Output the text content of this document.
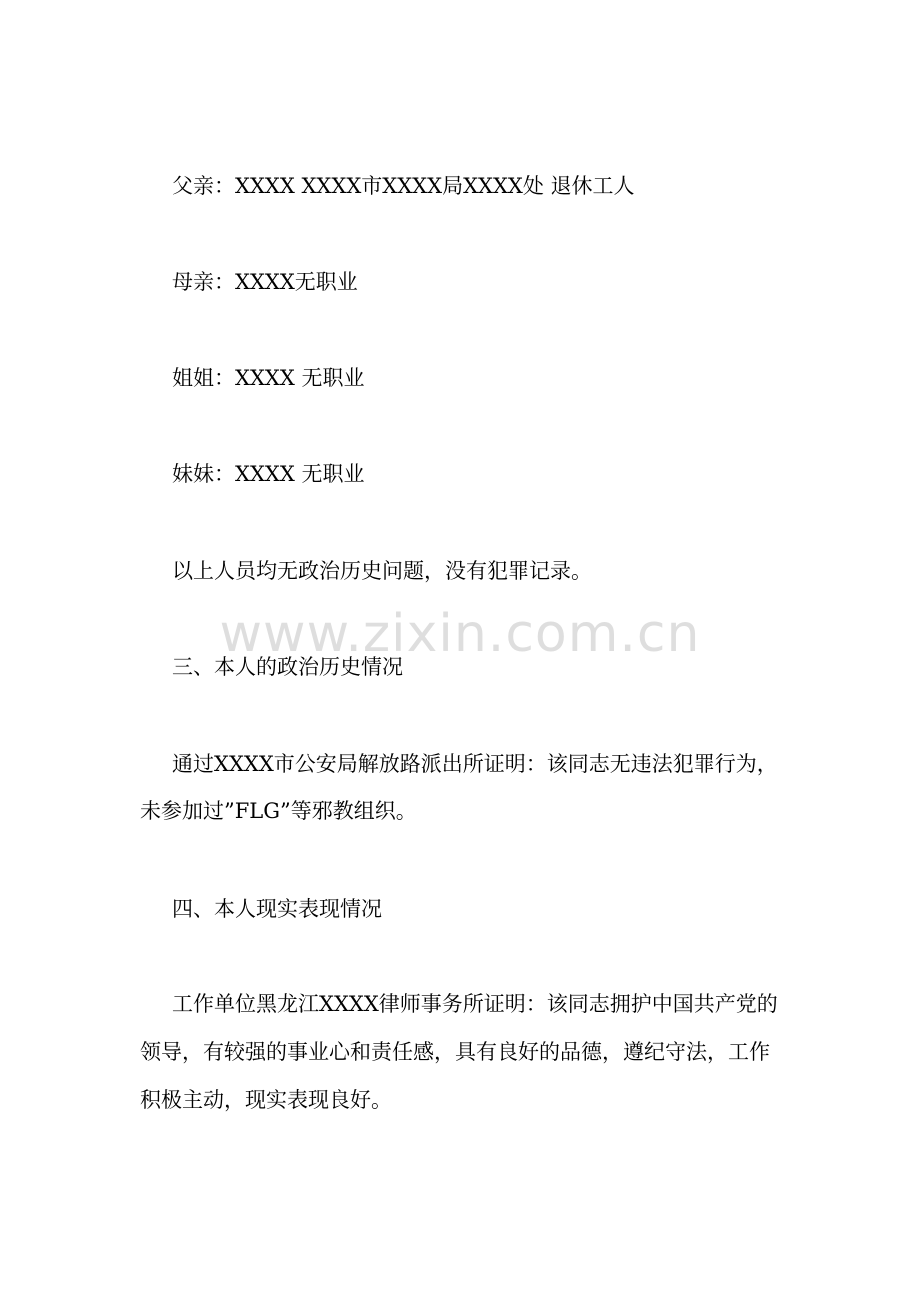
父亲：XXXX XXXX市XXXX局XXXX处 退休工人

母亲：XXXX无职业

姐姐：XXXX 无职业

妹妹：XXXX 无职业

以上人员均无政治历史问题，没有犯罪记录。

www.zixin.com.cn

三、本人的政治历史情况

通过XXXX市公安局解放路派出所证明：该同志无违法犯罪行为，

未参加过”FLG”等邪教组织。

四、本人现实表现情况

工作单位黑龙江XXXX律师事务所证明：该同志拥护中国共产党的

领导，有较强的事业心和责任感，具有良好的品德，遵纪守法，工作

积极主动，现实表现良好。
